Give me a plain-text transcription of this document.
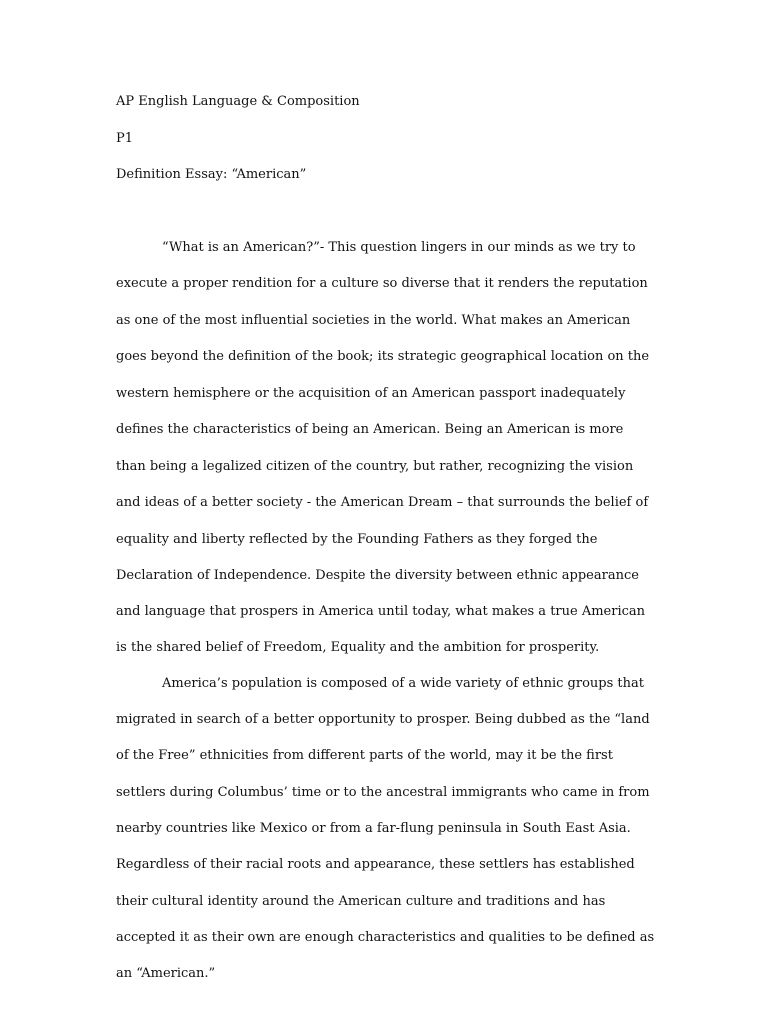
AP English Language & Composition

P1

Definition Essay: “American”

“What is an American?”- This question lingers in our minds as we try to

execute a proper rendition for a culture so diverse that it renders the reputation

as one of the most influential societies in the world. What makes an American

goes beyond the definition of the book; its strategic geographical location on the

western hemisphere or the acquisition of an American passport inadequately

defines the characteristics of being an American. Being an American is more

than being a legalized citizen of the country, but rather, recognizing the vision

and ideas of a better society - the American Dream – that surrounds the belief of

equality and liberty reflected by the Founding Fathers as they forged the

Declaration of Independence. Despite the diversity between ethnic appearance

and language that prospers in America until today, what makes a true American

is the shared belief of Freedom, Equality and the ambition for prosperity.

America’s population is composed of a wide variety of ethnic groups that

migrated in search of a better opportunity to prosper. Being dubbed as the “land

of the Free” ethnicities from different parts of the world, may it be the first

settlers during Columbus’ time or to the ancestral immigrants who came in from

nearby countries like Mexico or from a far-flung peninsula in South East Asia.

Regardless of their racial roots and appearance, these settlers has established

their cultural identity around the American culture and traditions and has

accepted it as their own are enough characteristics and qualities to be defined as

an “American.”
